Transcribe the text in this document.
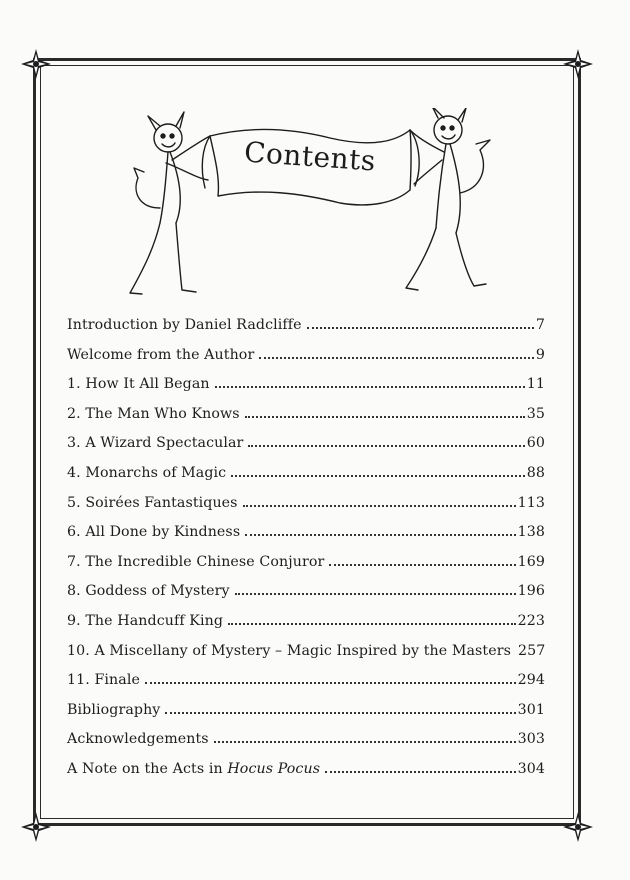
Contents
Introduction by Daniel Radcliffe	7
Welcome from the Author	9
1. How It All Began	11
2. The Man Who Knows	35
3. A Wizard Spectacular	60
4. Monarchs of Magic	88
5. Soirées Fantastiques	113
6. All Done by Kindness	138
7. The Incredible Chinese Conjuror	169
8. Goddess of Mystery	196
9. The Handcuff King	223
10. A Miscellany of Mystery – Magic Inspired by the Masters 257
11. Finale	294
Bibliography	301
Acknowledgements	303
A Note on the Acts in Hocus Pocus	304
